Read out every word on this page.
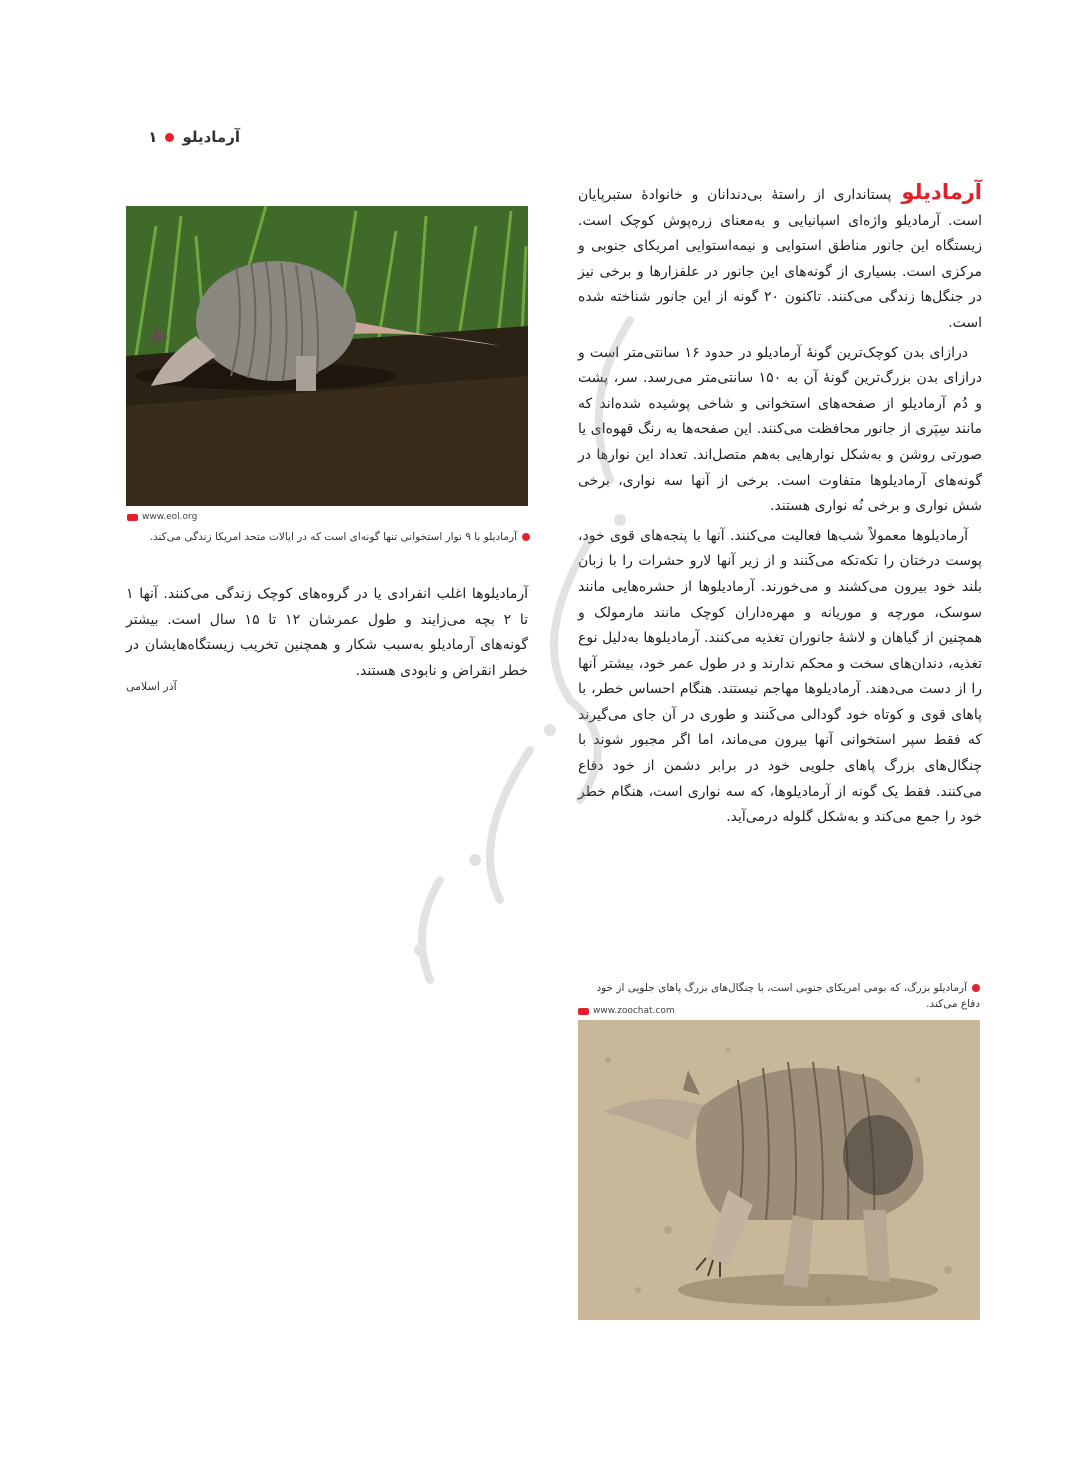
آرمادیلو
۱

آرمادیلوپستانداری از راستهٔ بی‌دندانان و خانوادهٔ ستبرپایان است. آرمادیلو واژه‌ای اسپانیایی و به‌معنای زره‌پوش کوچک است. زیستگاه این جانور مناطق استوایی و نیمه‌استوایی امریکای جنوبی و مرکزی است. بسیاری از گونه‌های این جانور در علفزارها و برخی نیز در جنگل‌ها زندگی می‌کنند. تاکنون ۲۰ گونه از این جانور شناخته شده است.

درازای بدن کوچک‌ترین گونهٔ آرمادیلو در حدود ۱۶ سانتی‌متر است و درازای بدن بزرگ‌ترین گونهٔ آن به ۱۵۰ سانتی‌متر می‌رسد. سر، پشت و دُم آرمادیلو از صفحه‌های استخوانی و شاخی پوشیده شده‌اند که مانند سِپَری از جانور محافظت می‌کنند. این صفحه‌ها به رنگ قهوه‌ای یا صورتی روشن و به‌شکل نوارهایی به‌هم متصل‌اند. تعداد این نوارها در گونه‌های آرمادیلوها متفاوت است. برخی از آنها سه نواری، برخی شش نواری و برخی نُه نواری هستند.

آرمادیلوها معمولاً شب‌ها فعالیت می‌کنند. آنها با پنجه‌های قوی خود، پوست درختان را تکه‌تکه می‌کَنند و از زیر آنها لارو حشرات را با زبان بلند خود بیرون می‌کشند و می‌خورند. آرمادیلوها از حشره‌هایی مانند سوسک، مورچه و موریانه و مهره‌داران کوچک مانند مارمولک و همچنین از گیاهان و لاشهٔ جانوران تغذیه می‌کنند. آرمادیلوها به‌دلیل نوع تغذیه، دندان‌های سخت و محکم ندارند و در طول عمر خود، بیشتر آنها را از دست می‌دهند. آرمادیلوها مهاجم نیستند. هنگام احساس خطر، با پاهای قوی و کوتاه خود گودالی می‌کَنند و طوری در آن جای می‌گیرند که فقط سپر استخوانی آنها بیرون می‌ماند، اما اگر مجبور شوند با چنگال‌های بزرگ پاهای جلویی خود در برابر دشمن از خود دفاع می‌کنند. فقط یک گونه از آرمادیلوها، که سه نواری است، هنگام خطر خود را جمع می‌کند و به‌شکل گلوله درمی‌آید.

www.eol.org
آرمادیلو با ۹ نوار استخوانی تنها گونه‌ای است که در ایالات متحد امریکا زندگی می‌کند.

آرمادیلوها اغلب انفرادی یا در گروه‌های کوچک زندگی می‌کنند. آنها ۱ تا ۲ بچه می‌زایند و طول عمرشان ۱۲ تا ۱۵ سال است. بیشتر گونه‌های آرمادیلو به‌سبب شکار و همچنین تخریب زیستگاه‌هایشان در خطر انقراض و نابودی هستند.

آذر اسلامی
آرمادیلو بزرگ، که بومی امریکای جنوبی است، با چنگال‌های بزرگ پاهای جلویی از خود دفاع می‌کند.
www.zoochat.com
